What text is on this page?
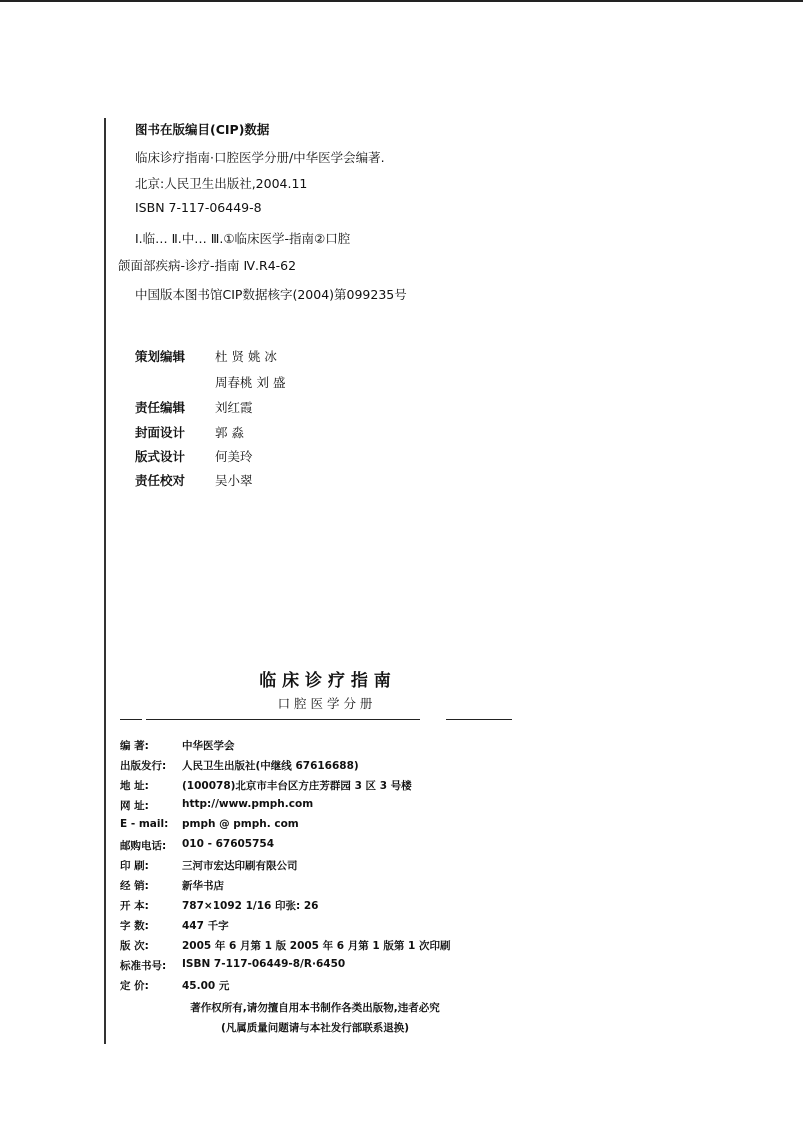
图书在版编目(CIP)数据
临床诊疗指南·口腔医学分册/中华医学会编著.
北京:人民卫生出版社,2004.11
ISBN 7-117-06449-8
Ⅰ.临… Ⅱ.中… Ⅲ.①临床医学-指南②口腔
颌面部疾病-诊疗-指南 Ⅳ.R4-62
中国版本图书馆CIP数据核字(2004)第099235号
策划编辑 杜 贤 姚 冰
周春桃 刘 盛
责任编辑 刘红霞
封面设计 郭 淼
版式设计 何美玲
责任校对 吴小翠
临 床 诊 疗 指 南
口 腔 医 学 分 册
编 著:	中华医学会
出版发行:	人民卫生出版社(中继线 67616688)
地 址:	(100078)北京市丰台区方庄芳群园 3 区 3 号楼
网 址:	http://www.pmph.com
E - mail:	pmph @ pmph. com
邮购电话:	010 - 67605754
印 刷:	三河市宏达印刷有限公司
经 销:	新华书店
开 本:	787×1092 1/16 印张: 26
字 数:	447 千字
版 次:	2005 年 6 月第 1 版 2005 年 6 月第 1 版第 1 次印刷
标准书号:	ISBN 7-117-06449-8/R·6450
定 价:	45.00 元
著作权所有,请勿擅自用本书制作各类出版物,违者必究
(凡属质量问题请与本社发行部联系退换)
